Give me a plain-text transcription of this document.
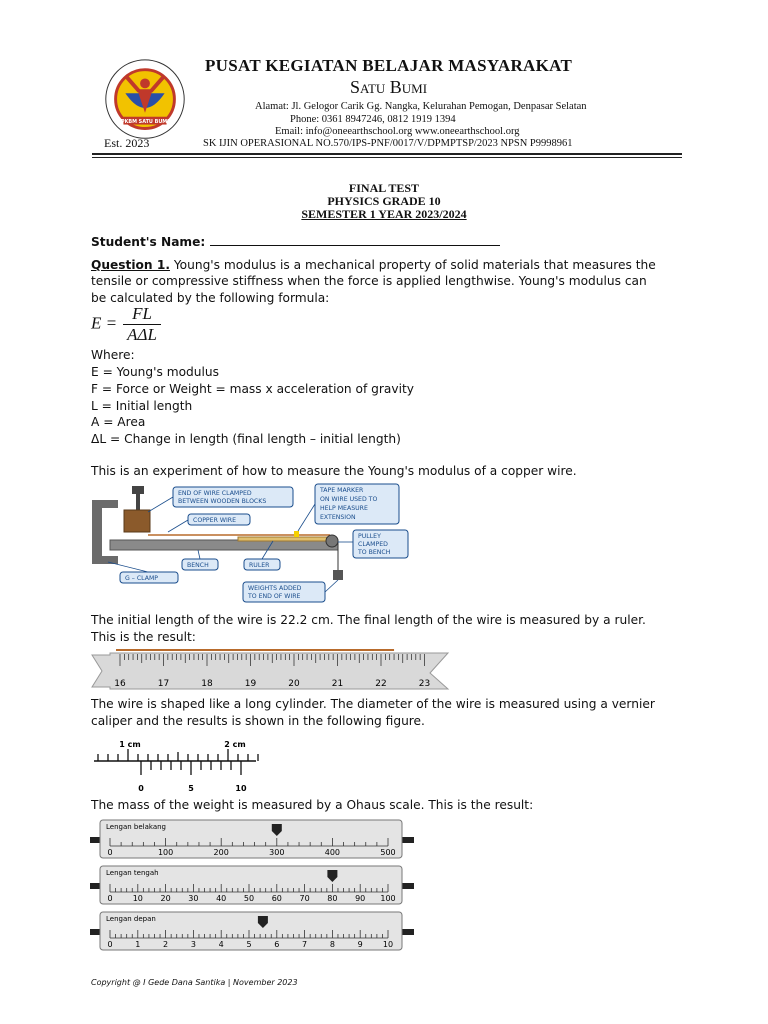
PKBM SATU BUMI
Est. 2023
PUSAT KEGIATAN BELAJAR MASYARAKAT
Satu Bumi
Alamat: Jl. Gelogor Carik Gg. Nangka, Kelurahan Pemogan, Denpasar Selatan
Phone: 0361 8947246, 0812 1919 1394
Email: info@oneearthschool.org www.oneearthschool.org
SK IJIN OPERASIONAL NO.570/IPS-PNF/0017/V/DPMPTSP/2023 NPSN P9998961
FINAL TEST
PHYSICS GRADE 10
SEMESTER 1 YEAR 2023/2024
Student's Name:
Question 1. Young's modulus is a mechanical property of solid materials that measures the
tensile or compressive stiffness when the force is applied lengthwise. Young's modulus can
be calculated by the following formula:
$E = \frac{FL}{\text{AΔL}}$
Where:
E = Young's modulus
F = Force or Weight = mass x acceleration of gravity
L = Initial length
A = Area
ΔL = Change in length (final length – initial length)
This is an experiment of how to measure the Young's modulus of a copper wire.
END OF WIRE CLAMPED
BETWEEN WOODEN BLOCKS
COPPER WIRE
TAPE MARKER
ON WIRE USED TO
HELP MEASURE
EXTENSION
PULLEY
CLAMPED
TO BENCH
BENCH	RULER
WEIGHTS ADDED
TO END OF WIRE
G – CLAMP
The initial length of the wire is 22.2 cm. The final length of the wire is measured by a ruler.
This is the result:
16	17	18	19	20	21	22	23
The wire is shaped like a long cylinder. The diameter of the wire is measured using a vernier
caliper and the results is shown in the following figure.
1 cm	2 cm
0	5	10
The mass of the weight is measured by a Ohaus scale. This is the result:
Lengan belakang
0	100	200	300	400	500
Lengan tengah
0	10 20 30 40 50 60 70 80 90 100
Lengan depan
0	1	2	3	4	5	6	7	8	9	10
Copyright @ I Gede Dana Santika | November 2023
